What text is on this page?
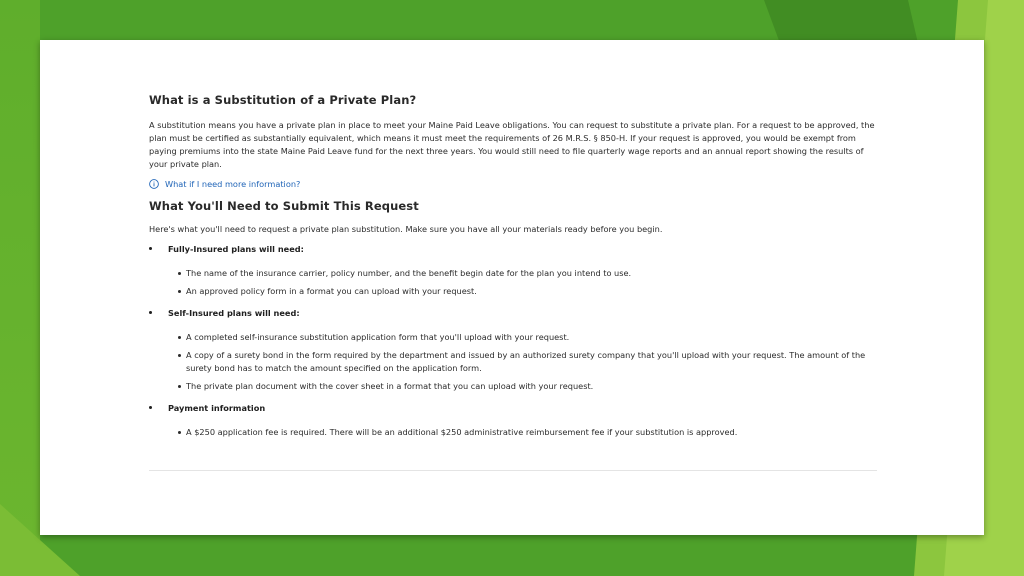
What is a Substitution of a Private Plan?

A substitution means you have a private plan in place to meet your Maine Paid Leave obligations. You can request to substitute a private plan. For a request to be approved, the plan must be certified as substantially equivalent, which means it must meet the requirements of 26 M.R.S. § 850-H. If your request is approved, you would be exempt from paying premiums into the state Maine Paid Leave fund for the next three years. You would still need to file quarterly wage reports and an annual report showing the results of your private plan.

What if I need more information?
What You'll Need to Submit This Request

Here's what you'll need to request a private plan substitution. Make sure you have all your materials ready before you begin.

Fully-Insured plans will need:
The name of the insurance carrier, policy number, and the benefit begin date for the plan you intend to use.
An approved policy form in a format you can upload with your request.
Self-Insured plans will need:
A completed self-insurance substitution application form that you'll upload with your request.
A copy of a surety bond in the form required by the department and issued by an authorized surety company that you'll upload with your request. The amount of the surety bond has to match the amount specified on the application form.
The private plan document with the cover sheet in a format that you can upload with your request.
Payment information
A $250 application fee is required. There will be an additional $250 administrative reimbursement fee if your substitution is approved.
